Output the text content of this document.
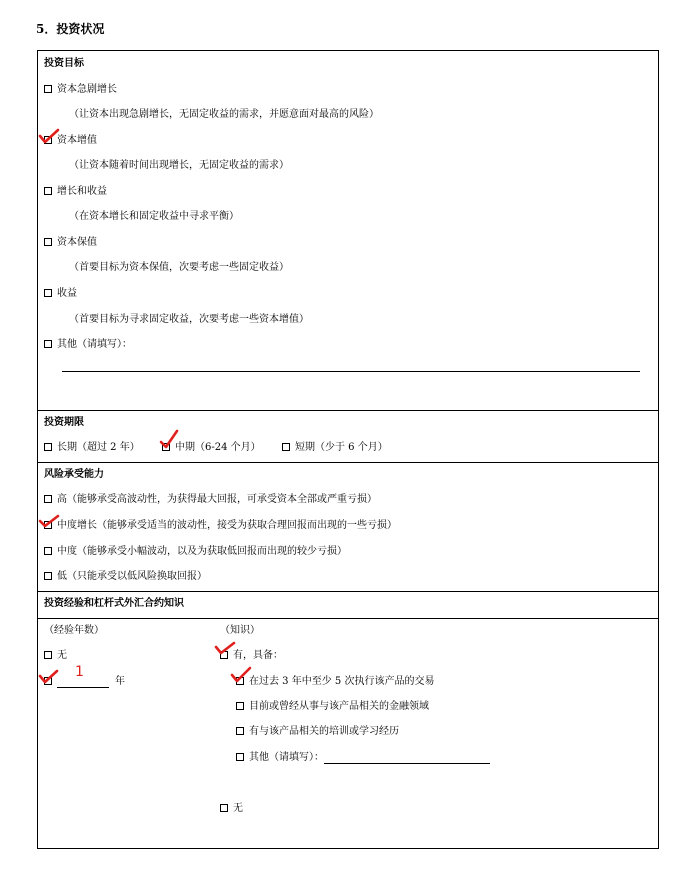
5．投资状况
投资目标
资本急剧增长
（让资本出现急剧增长，无固定收益的需求，并愿意面对最高的风险）
资本增值
（让资本随着时间出现增长，无固定收益的需求）
增长和收益
（在资本增长和固定收益中寻求平衡）
资本保值
（首要目标为资本保值，次要考虑一些固定收益）
收益
（首要目标为寻求固定收益，次要考虑一些资本增值）
其他（请填写）：
投资期限
长期（超过 2 年）	中期（6-24 个月）	短期（少于 6 个月）
风险承受能力
高（能够承受高波动性，为获得最大回报，可承受资本全部或严重亏损）
中度增长（能够承受适当的波动性，接受为获取合理回报而出现的一些亏损）
中度（能够承受小幅波动，以及为获取低回报而出现的较少亏损）
低（只能承受以低风险换取回报）
投资经验和杠杆式外汇合约知识
（经验年数）
无
1
年
（知识）
有，具备：
在过去 3 年中至少 5 次执行该产品的交易
目前或曾经从事与该产品相关的金融领域
有与该产品相关的培训或学习经历
其他（请填写）：
无
